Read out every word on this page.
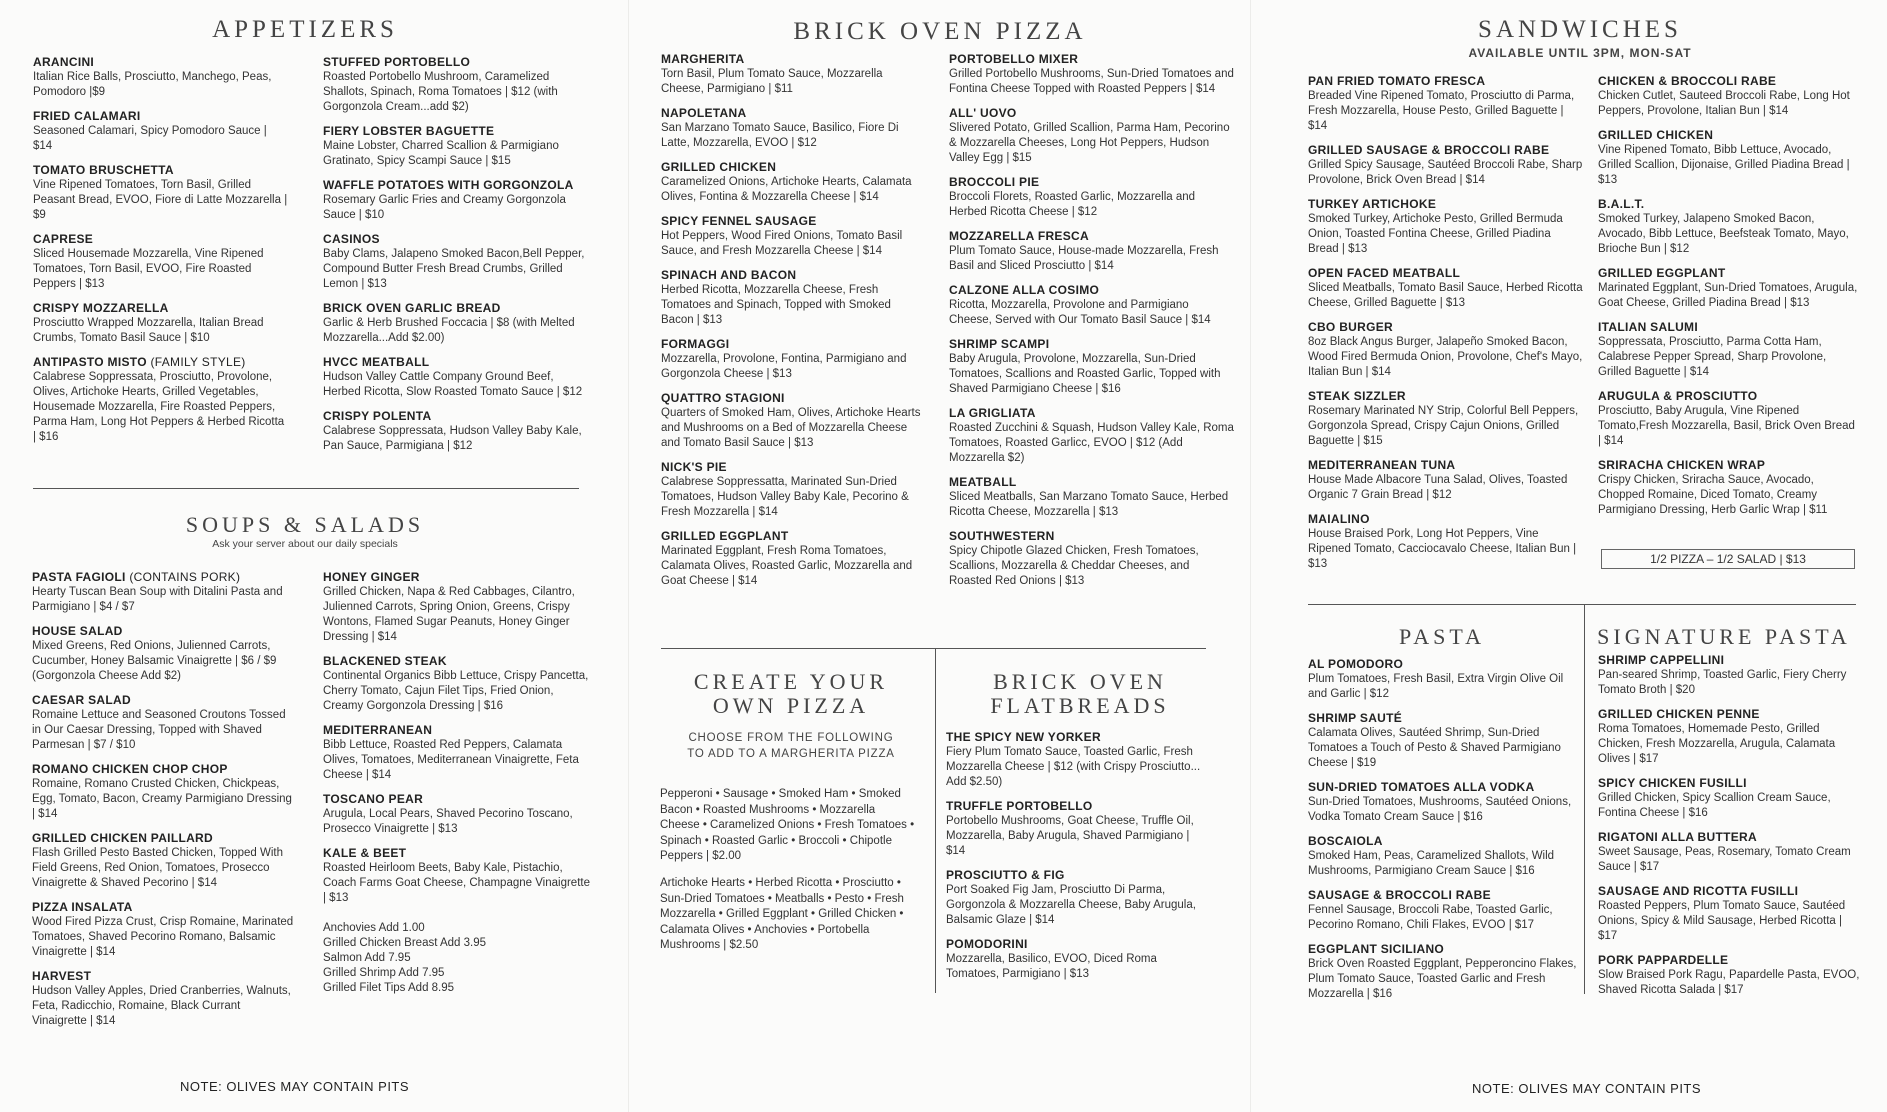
APPETIZERS
ARANCINI
Italian Rice Balls, Prosciutto, Manchego, Peas, Pomodoro |$9
FRIED CALAMARI
Seasoned Calamari, Spicy Pomodoro Sauce | $14
TOMATO BRUSCHETTA
Vine Ripened Tomatoes, Torn Basil, Grilled Peasant Bread, EVOO, Fiore di Latte Mozzarella | $9
CAPRESE
Sliced Housemade Mozzarella, Vine Ripened Tomatoes, Torn Basil, EVOO, Fire Roasted Peppers | $13
CRISPY MOZZARELLA
Prosciutto Wrapped Mozzarella, Italian Bread Crumbs, Tomato Basil Sauce | $10
ANTIPASTO MISTO (FAMILY STYLE)
Calabrese Soppressata, Prosciutto, Provolone, Olives, Artichoke Hearts, Grilled Vegetables, Housemade Mozzarella, Fire Roasted Peppers, Parma Ham, Long Hot Peppers & Herbed Ricotta | $16
STUFFED PORTOBELLO
Roasted Portobello Mushroom, Caramelized Shallots, Spinach, Roma Tomatoes | $12 (with Gorgonzola Cream...add $2)
FIERY LOBSTER BAGUETTE
Maine Lobster, Charred Scallion & Parmigiano Gratinato, Spicy Scampi Sauce | $15
WAFFLE POTATOES WITH GORGONZOLA
Rosemary Garlic Fries and Creamy Gorgonzola Sauce | $10
CASINOS
Baby Clams, Jalapeno Smoked Bacon,Bell Pepper, Compound Butter Fresh Bread Crumbs, Grilled Lemon | $13
BRICK OVEN GARLIC BREAD
Garlic & Herb Brushed Foccacia | $8 (with Melted Mozzarella...Add $2.00)
HVCC MEATBALL
Hudson Valley Cattle Company Ground Beef, Herbed Ricotta, Slow Roasted Tomato Sauce | $12
CRISPY POLENTA
Calabrese Soppressata, Hudson Valley Baby Kale, Pan Sauce, Parmigiana | $12
SOUPS & SALADS
Ask your server about our daily specials
PASTA FAGIOLI (CONTAINS PORK)
Hearty Tuscan Bean Soup with Ditalini Pasta and Parmigiano | $4 / $7
HOUSE SALAD
Mixed Greens, Red Onions, Julienned Carrots, Cucumber, Honey Balsamic Vinaigrette | $6 / $9 (Gorgonzola Cheese Add $2)
CAESAR SALAD
Romaine Lettuce and Seasoned Croutons Tossed in Our Caesar Dressing, Topped with Shaved Parmesan | $7 / $10
ROMANO CHICKEN CHOP CHOP
Romaine, Romano Crusted Chicken, Chickpeas, Egg, Tomato, Bacon, Creamy Parmigiano Dressing | $14
GRILLED CHICKEN PAILLARD
Flash Grilled Pesto Basted Chicken, Topped With Field Greens, Red Onion, Tomatoes, Prosecco Vinaigrette & Shaved Pecorino | $14
PIZZA INSALATA
Wood Fired Pizza Crust, Crisp Romaine, Marinated Tomatoes, Shaved Pecorino Romano, Balsamic Vinaigrette | $14
HARVEST
Hudson Valley Apples, Dried Cranberries, Walnuts, Feta, Radicchio, Romaine, Black Currant Vinaigrette | $14
HONEY GINGER
Grilled Chicken, Napa & Red Cabbages, Cilantro, Julienned Carrots, Spring Onion, Greens, Crispy Wontons, Flamed Sugar Peanuts, Honey Ginger Dressing | $14
BLACKENED STEAK
Continental Organics Bibb Lettuce, Crispy Pancetta, Cherry Tomato, Cajun Filet Tips, Fried Onion, Creamy Gorgonzola Dressing | $16
MEDITERRANEAN
Bibb Lettuce, Roasted Red Peppers, Calamata Olives, Tomatoes, Mediterranean Vinaigrette, Feta Cheese | $14
TOSCANO PEAR
Arugula, Local Pears, Shaved Pecorino Toscano, Prosecco Vinaigrette | $13
KALE & BEET
Roasted Heirloom Beets, Baby Kale, Pistachio, Coach Farms Goat Cheese, Champagne Vinaigrette | $13
Anchovies Add 1.00
Grilled Chicken Breast Add 3.95
Salmon Add 7.95
Grilled Shrimp Add 7.95
Grilled Filet Tips Add 8.95
NOTE: OLIVES MAY CONTAIN PITS
BRICK OVEN PIZZA
MARGHERITA
Torn Basil, Plum Tomato Sauce, Mozzarella Cheese, Parmigiano | $11
NAPOLETANA
San Marzano Tomato Sauce, Basilico, Fiore Di Latte, Mozzarella, EVOO | $12
GRILLED CHICKEN
Caramelized Onions, Artichoke Hearts, Calamata Olives, Fontina & Mozzarella Cheese | $14
SPICY FENNEL SAUSAGE
Hot Peppers, Wood Fired Onions, Tomato Basil Sauce, and Fresh Mozzarella Cheese | $14
SPINACH AND BACON
Herbed Ricotta, Mozzarella Cheese, Fresh Tomatoes and Spinach, Topped with Smoked Bacon | $13
FORMAGGI
Mozzarella, Provolone, Fontina, Parmigiano and Gorgonzola Cheese | $13
QUATTRO STAGIONI
Quarters of Smoked Ham, Olives, Artichoke Hearts and Mushrooms on a Bed of Mozzarella Cheese and Tomato Basil Sauce | $13
NICK'S PIE
Calabrese Soppressatta, Marinated Sun-Dried Tomatoes, Hudson Valley Baby Kale, Pecorino & Fresh Mozzarella | $14
GRILLED EGGPLANT
Marinated Eggplant, Fresh Roma Tomatoes, Calamata Olives, Roasted Garlic, Mozzarella and Goat Cheese | $14
PORTOBELLO MIXER
Grilled Portobello Mushrooms, Sun-Dried Tomatoes and Fontina Cheese Topped with Roasted Peppers | $14
ALL' UOVO
Slivered Potato, Grilled Scallion, Parma Ham, Pecorino & Mozzarella Cheeses, Long Hot Peppers, Hudson Valley Egg | $15
BROCCOLI PIE
Broccoli Florets, Roasted Garlic, Mozzarella and Herbed Ricotta Cheese | $12
MOZZARELLA FRESCA
Plum Tomato Sauce, House-made Mozzarella, Fresh Basil and Sliced Prosciutto | $14
CALZONE ALLA COSIMO
Ricotta, Mozzarella, Provolone and Parmigiano Cheese, Served with Our Tomato Basil Sauce | $14
SHRIMP SCAMPI
Baby Arugula, Provolone, Mozzarella, Sun-Dried Tomatoes, Scallions and Roasted Garlic, Topped with Shaved Parmigiano Cheese | $16
LA GRIGLIATA
Roasted Zucchini & Squash, Hudson Valley Kale, Roma Tomatoes, Roasted Garlicc, EVOO | $12 (Add Mozzarella $2)
MEATBALL
Sliced Meatballs, San Marzano Tomato Sauce, Herbed Ricotta Cheese, Mozzarella | $13
SOUTHWESTERN
Spicy Chipotle Glazed Chicken, Fresh Tomatoes, Scallions, Mozzarella & Cheddar Cheeses, and Roasted Red Onions | $13
CREATE YOUR
OWN PIZZA
CHOOSE FROM THE FOLLOWING
TO ADD TO A MARGHERITA PIZZA
Pepperoni • Sausage • Smoked Ham • Smoked Bacon • Roasted Mushrooms • Mozzarella Cheese • Caramelized Onions • Fresh Tomatoes • Spinach • Roasted Garlic • Broccoli • Chipotle Peppers | $2.00
Artichoke Hearts • Herbed Ricotta • Prosciutto • Sun-Dried Tomatoes • Meatballs • Pesto • Fresh Mozzarella • Grilled Eggplant • Grilled Chicken • Calamata Olives • Anchovies • Portobella Mushrooms | $2.50
BRICK OVEN
FLATBREADS
THE SPICY NEW YORKER
Fiery Plum Tomato Sauce, Toasted Garlic, Fresh Mozzarella Cheese | $12 (with Crispy Prosciutto... Add $2.50)
TRUFFLE PORTOBELLO
Portobello Mushrooms, Goat Cheese, Truffle Oil, Mozzarella, Baby Arugula, Shaved Parmigiano | $14
PROSCIUTTO & FIG
Port Soaked Fig Jam, Prosciutto Di Parma, Gorgonzola & Mozzarella Cheese, Baby Arugula, Balsamic Glaze | $14
POMODORINI
Mozzarella, Basilico, EVOO, Diced Roma Tomatoes, Parmigiano | $13
SANDWICHES
AVAILABLE UNTIL 3PM, MON-SAT
PAN FRIED TOMATO FRESCA
Breaded Vine Ripened Tomato, Prosciutto di Parma, Fresh Mozzarella, House Pesto, Grilled Baguette | $14
GRILLED SAUSAGE & BROCCOLI RABE
Grilled Spicy Sausage, Sautéed Broccoli Rabe, Sharp Provolone, Brick Oven Bread | $14
TURKEY ARTICHOKE
Smoked Turkey, Artichoke Pesto, Grilled Bermuda Onion, Toasted Fontina Cheese, Grilled Piadina Bread | $13
OPEN FACED MEATBALL
Sliced Meatballs, Tomato Basil Sauce, Herbed Ricotta Cheese, Grilled Baguette | $13
CBO BURGER
8oz Black Angus Burger, Jalapeño Smoked Bacon, Wood Fired Bermuda Onion, Provolone, Chef's Mayo, Italian Bun | $14
STEAK SIZZLER
Rosemary Marinated NY Strip, Colorful Bell Peppers, Gorgonzola Spread, Crispy Cajun Onions, Grilled Baguette | $15
MEDITERRANEAN TUNA
House Made Albacore Tuna Salad, Olives, Toasted Organic 7 Grain Bread | $12
MAIALINO
House Braised Pork, Long Hot Peppers, Vine Ripened Tomato, Cacciocavalo Cheese, Italian Bun | $13
CHICKEN & BROCCOLI RABE
Chicken Cutlet, Sauteed Broccoli Rabe, Long Hot Peppers, Provolone, Italian Bun | $14
GRILLED CHICKEN
Vine Ripened Tomato, Bibb Lettuce, Avocado, Grilled Scallion, Dijonaise, Grilled Piadina Bread | $13
B.A.L.T.
Smoked Turkey, Jalapeno Smoked Bacon, Avocado, Bibb Lettuce, Beefsteak Tomato, Mayo, Brioche Bun | $12
GRILLED EGGPLANT
Marinated Eggplant, Sun-Dried Tomatoes, Arugula, Goat Cheese, Grilled Piadina Bread | $13
ITALIAN SALUMI
Soppressata, Prosciutto, Parma Cotta Ham, Calabrese Pepper Spread, Sharp Provolone, Grilled Baguette | $14
ARUGULA & PROSCIUTTO
Prosciutto, Baby Arugula, Vine Ripened Tomato,Fresh Mozzarella, Basil, Brick Oven Bread | $14
SRIRACHA CHICKEN WRAP
Crispy Chicken, Sriracha Sauce, Avocado, Chopped Romaine, Diced Tomato, Creamy Parmigiano Dressing, Herb Garlic Wrap | $11
1/2 PIZZA – 1/2 SALAD | $13
PASTA
AL POMODORO
Plum Tomatoes, Fresh Basil, Extra Virgin Olive Oil and Garlic | $12
SHRIMP SAUTÉ
Calamata Olives, Sautéed Shrimp, Sun-Dried Tomatoes a Touch of Pesto & Shaved Parmigiano Cheese | $19
SUN-DRIED TOMATOES ALLA VODKA
Sun-Dried Tomatoes, Mushrooms, Sautéed Onions, Vodka Tomato Cream Sauce | $16
BOSCAIOLA
Smoked Ham, Peas, Caramelized Shallots, Wild Mushrooms, Parmigiano Cream Sauce | $16
SAUSAGE & BROCCOLI RABE
Fennel Sausage, Broccoli Rabe, Toasted Garlic, Pecorino Romano, Chili Flakes, EVOO | $17
EGGPLANT SICILIANO
Brick Oven Roasted Eggplant, Pepperoncino Flakes, Plum Tomato Sauce, Toasted Garlic and Fresh Mozzarella | $16
SIGNATURE PASTA
SHRIMP CAPPELLINI
Pan-seared Shrimp, Toasted Garlic, Fiery Cherry Tomato Broth | $20
GRILLED CHICKEN PENNE
Roma Tomatoes, Homemade Pesto, Grilled Chicken, Fresh Mozzarella, Arugula, Calamata Olives | $17
SPICY CHICKEN FUSILLI
Grilled Chicken, Spicy Scallion Cream Sauce, Fontina Cheese | $16
RIGATONI ALLA BUTTERA
Sweet Sausage, Peas, Rosemary, Tomato Cream Sauce | $17
SAUSAGE AND RICOTTA FUSILLI
Roasted Peppers, Plum Tomato Sauce, Sautéed Onions, Spicy & Mild Sausage, Herbed Ricotta | $17
PORK PAPPARDELLE
Slow Braised Pork Ragu, Papardelle Pasta, EVOO, Shaved Ricotta Salada | $17
NOTE: OLIVES MAY CONTAIN PITS
